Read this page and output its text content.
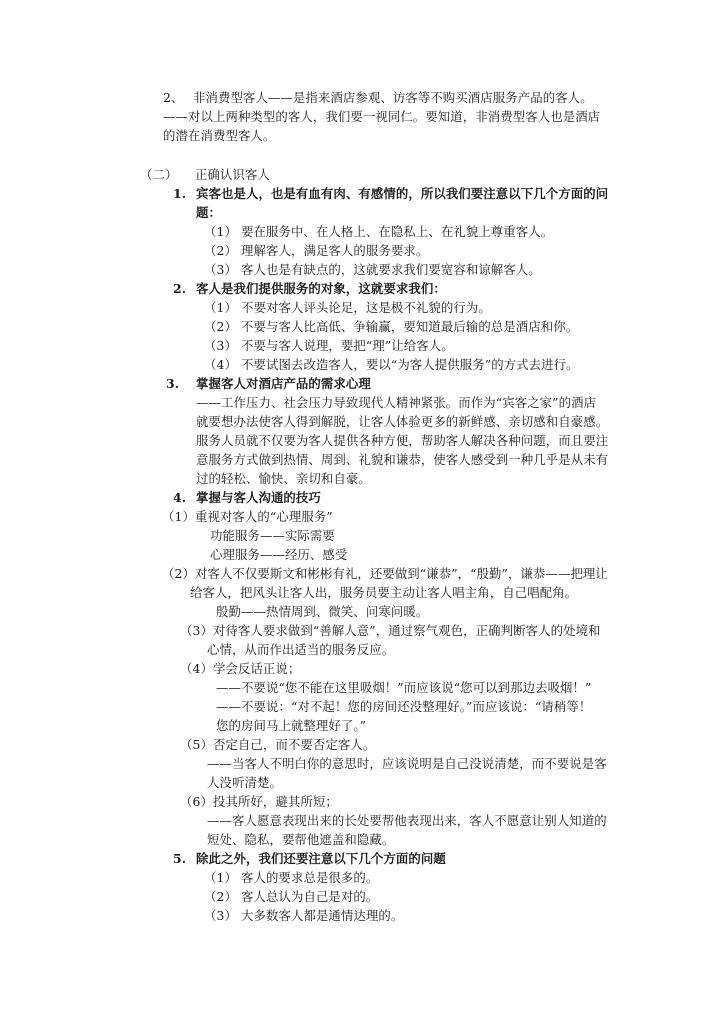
2、 非消费型客人——是指来酒店参观、访客等不购买酒店服务产品的客人。
——对以上两种类型的客人，我们要一视同仁。要知道，非消费型客人也是酒店
的潜在消费型客人。
（二） 正确认识客人
1. 宾客也是人，也是有血有肉、有感情的，所以我们要注意以下几个方面的问
题：
（1） 要在服务中、在人格上、在隐私上、在礼貌上尊重客人。
（2） 理解客人，满足客人的服务要求。
（3） 客人也是有缺点的，这就要求我们要宽容和谅解客人。
2. 客人是我们提供服务的对象，这就要求我们：
（1） 不要对客人评头论足，这是极不礼貌的行为。
（2） 不要与客人比高低、争输赢，要知道最后输的总是酒店和你。
（3） 不要与客人说理，要把“理”让给客人。
（4） 不要试图去改造客人，要以“为客人提供服务”的方式去进行。
3. 掌握客人对酒店产品的需求心理
——工作压力、社会压力导致现代人精神紧张。而作为“宾客之家”的酒店
就要想办法使客人得到解脱，让客人体验更多的新鲜感、亲切感和自豪感。
服务人员就不仅要为客人提供各种方便，帮助客人解决各种问题，而且要注
意服务方式做到热情、周到、礼貌和谦恭，使客人感受到一种几乎是从未有
过的轻松、愉快、亲切和自豪。
4. 掌握与客人沟通的技巧
（1）重视对客人的“心理服务”
功能服务——实际需要
心理服务——经历、感受
（2）对客人不仅要斯文和彬彬有礼，还要做到“谦恭”，“殷勤”，谦恭——把理让
给客人，把风头让客人出，服务员要主动让客人唱主角，自己唱配角。
殷勤——热情周到、微笑、问寒问暖。
（3）对待客人要求做到“善解人意”，通过察气观色，正确判断客人的处境和
心情，从而作出适当的服务反应。
（4）学会反话正说；
——不要说“您不能在这里吸烟！”而应该说“您可以到那边去吸烟！”
——不要说：“对不起！您的房间还没整理好。”而应该说：“请稍等！
您的房间马上就整理好了。”
（5）否定自己，而不要否定客人。
——当客人不明白你的意思时，应该说明是自己没说清楚，而不要说是客
人没听清楚。
（6）投其所好，避其所短；
——客人愿意表现出来的长处要帮他表现出来，客人不愿意让别人知道的
短处、隐私，要帮他遮盖和隐藏。
5. 除此之外，我们还要注意以下几个方面的问题
（1） 客人的要求总是很多的。
（2） 客人总认为自己是对的。
（3） 大多数客人都是通情达理的。
